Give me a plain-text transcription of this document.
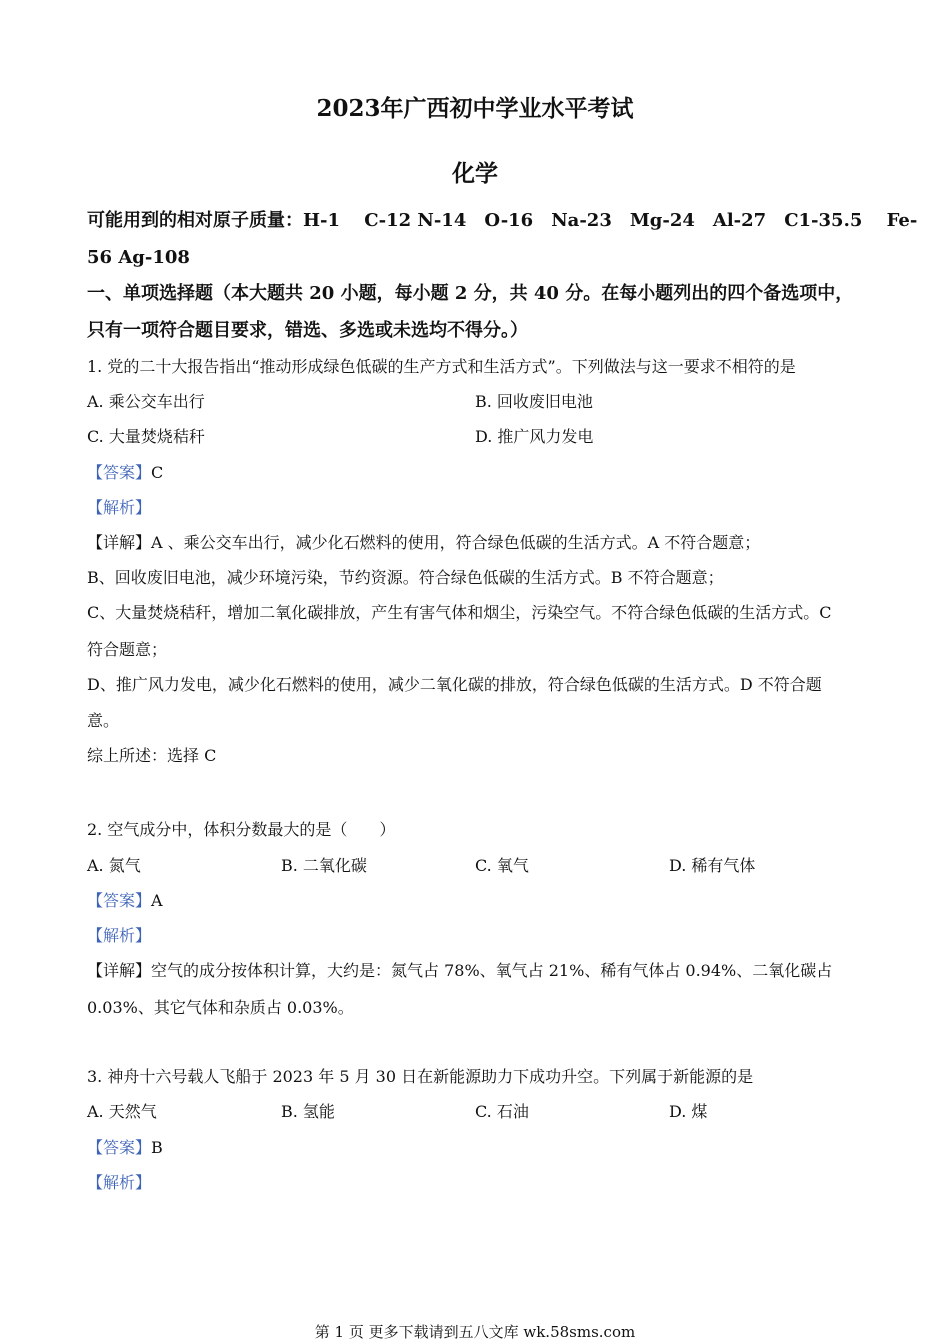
2023年广西初中学业水平考试
化学
可能用到的相对原子质量：H-1　 C-12 N-14　O-16　Na-23　Mg-24　Al-27　C1-35.5　 Fe-
56 Ag-108
一、单项选择题（本大题共 20 小题，每小题 2 分，共 40 分。在每小题列出的四个备选项中，
只有一项符合题目要求，错选、多选或未选均不得分。）
1. 党的二十大报告指出“推动形成绿色低碳的生产方式和生活方式”。下列做法与这一要求不相符的是
A. 乘公交车出行	B. 回收废旧电池
C. 大量焚烧秸秆	D. 推广风力发电
【答案】C
【解析】
【详解】A 、乘公交车出行，减少化石燃料的使用，符合绿色低碳的生活方式。A 不符合题意；
B、回收废旧电池，减少环境污染，节约资源。符合绿色低碳的生活方式。B 不符合题意；
C、大量焚烧秸秆，增加二氧化碳排放，产生有害气体和烟尘，污染空气。不符合绿色低碳的生活方式。C
符合题意；
D、推广风力发电，减少化石燃料的使用，减少二氧化碳的排放，符合绿色低碳的生活方式。D 不符合题
意。
综上所述：选择 C
2. 空气成分中，体积分数最大的是（　　）
A. 氮气	B. 二氧化碳	C. 氧气	D. 稀有气体
【答案】A
【解析】
【详解】空气的成分按体积计算，大约是：氮气占 78%、氧气占 21%、稀有气体占 0.94%、二氧化碳占
0.03%、其它气体和杂质占 0.03%。
3. 神舟十六号载人飞船于 2023 年 5 月 30 日在新能源助力下成功升空。下列属于新能源的是
A. 天然气	B. 氢能	C. 石油	D. 煤
【答案】B
【解析】
第 1 页 更多下载请到五八文库 wk.58sms.com
